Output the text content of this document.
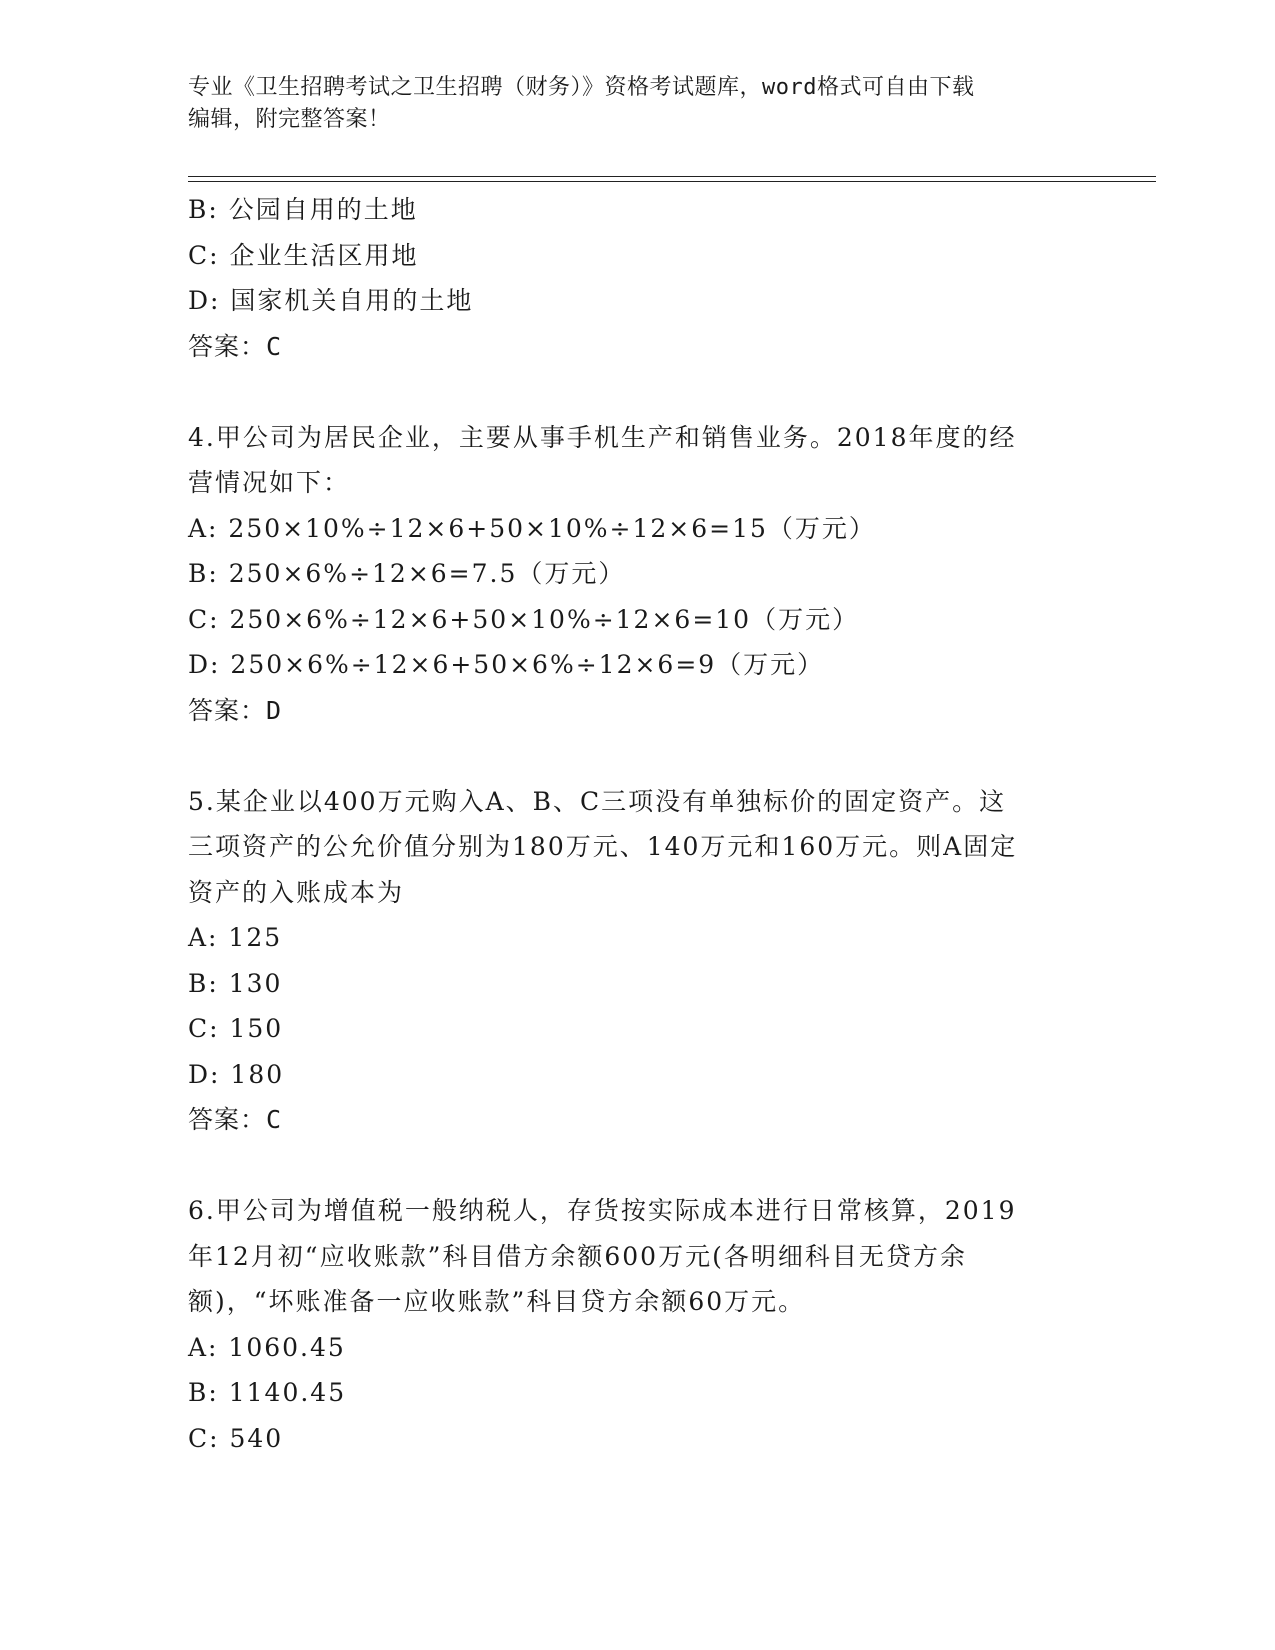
专业《卫生招聘考试之卫生招聘（财务）》资格考试题库，word格式可自由下载
编辑，附完整答案！
B: 公园自用的土地
C: 企业生活区用地
D: 国家机关自用的土地
答案：C
4.甲公司为居民企业，主要从事手机生产和销售业务。2018年度的经
营情况如下：
A: 250×10%÷12×6+50×10%÷12×6=15（万元）
B: 250×6%÷12×6=7.5（万元）
C: 250×6%÷12×6+50×10%÷12×6=10（万元）
D: 250×6%÷12×6+50×6%÷12×6=9（万元）
答案：D
5.某企业以400万元购入A、B、C三项没有单独标价的固定资产。这
三项资产的公允价值分别为180万元、140万元和160万元。则A固定
资产的入账成本为
A: 125
B: 130
C: 150
D: 180
答案：C
6.甲公司为增值税一般纳税人，存货按实际成本进行日常核算，2019
年12月初“应收账款”科目借方余额600万元(各明细科目无贷方余
额)，“坏账准备一应收账款”科目贷方余额60万元。
A: 1060.45
B: 1140.45
C: 540
